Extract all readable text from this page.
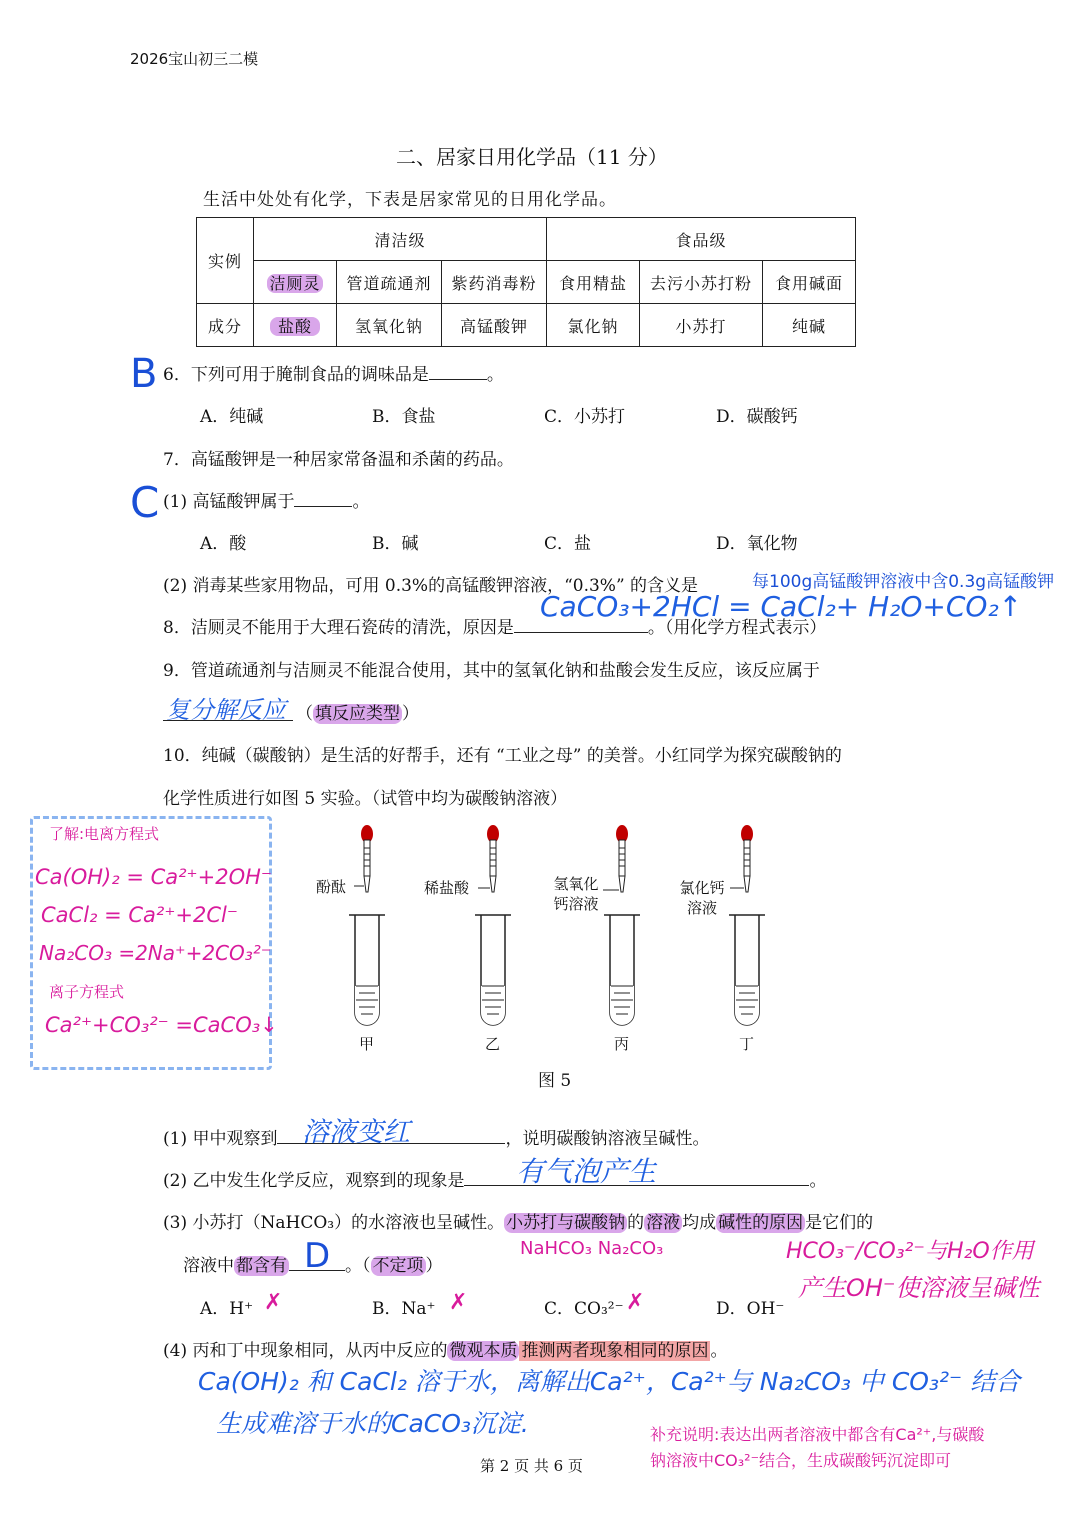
2026宝山初三二模
二、居家日用化学品（11 分）
生活中处处有化学，下表是居家常见的日用化学品。
实例	清洁级			食品级		
	洁厕灵	管道疏通剂	紫药消毒粉	食用精盐	去污小苏打粉	食用碱面
成分	盐酸	氢氧化钠	高锰酸钾	氯化钠	小苏打	纯碱
B 6．下列可用于腌制食品的调味品是	。
A．纯碱	B．食盐	C．小苏打	D．碳酸钙
7．高锰酸钾是一种居家常备温和杀菌的药品。
C (1) 高锰酸钾属于	。
A．酸	B．碱	C．盐	D．氧化物
(2) 消毒某些家用物品，可用 0.3%的高锰酸钾溶液，“0.3%” 的含义是	每100g高锰酸钾溶液中含0.3g高锰酸钾
8．洁厕灵不能用于大理石瓷砖的清洗，原因是	。（用化学方程式表示）
CaCO₃+2HCl = CaCl₂+ H₂O+CO₂↑
9．管道疏通剂与洁厕灵不能混合使用，其中的氢氧化钠和盐酸会发生反应，该反应属于
复分解反应 （ 填反应类型 ）
10．纯碱（碳酸钠）是生活的好帮手，还有 “工业之母” 的美誉。小红同学为探究碳酸钠的
化学性质进行如图 5 实验。（试管中均为碳酸钠溶液）
了解:电离方程式
Ca(OH)₂ = Ca²⁺+2OH⁻
CaCl₂ = Ca²⁺+2Cl⁻
Na₂CO₃ =2Na⁺+2CO₃²⁻
离子方程式
Ca²⁺+CO₃²⁻ =CaCO₃↓
酚酞	稀盐酸	氢氧化
钙溶液
氯化钙
溶液
甲	乙	丙	丁
图 5
(1) 甲中观察到	，说明碳酸钠溶液呈碱性。
溶液变红
(2) 乙中发生化学反应，观察到的现象是	。
有气泡产生
(3) 小苏打（NaHCO₃）的水溶液也呈碱性。 小苏打与碳酸钠 的 溶液 均成 碱性的原因 是它们的
溶液中 都含有	。（ 不定项 ）
D	NaHCO₃ Na₂CO₃	HCO₃⁻/CO₃²⁻与H₂O作用
产生OH⁻使溶液呈碱性
A．H⁺ ✗	B．Na⁺ ✗	C．CO₃²⁻ ✗	D．OH⁻
(4) 丙和丁中现象相同，从丙中反应的 微观本质 推测两者现象相同的原因 。
Ca(OH)₂ 和 CaCl₂ 溶于水，离解出Ca²⁺，Ca²⁺与 Na₂CO₃ 中 CO₃²⁻ 结合
生成难溶于水的CaCO₃沉淀.	补充说明:表达出两者溶液中都含有Ca²⁺,与碳酸
钠溶液中CO₃²⁻结合，生成碳酸钙沉淀即可
第 2 页 共 6 页
